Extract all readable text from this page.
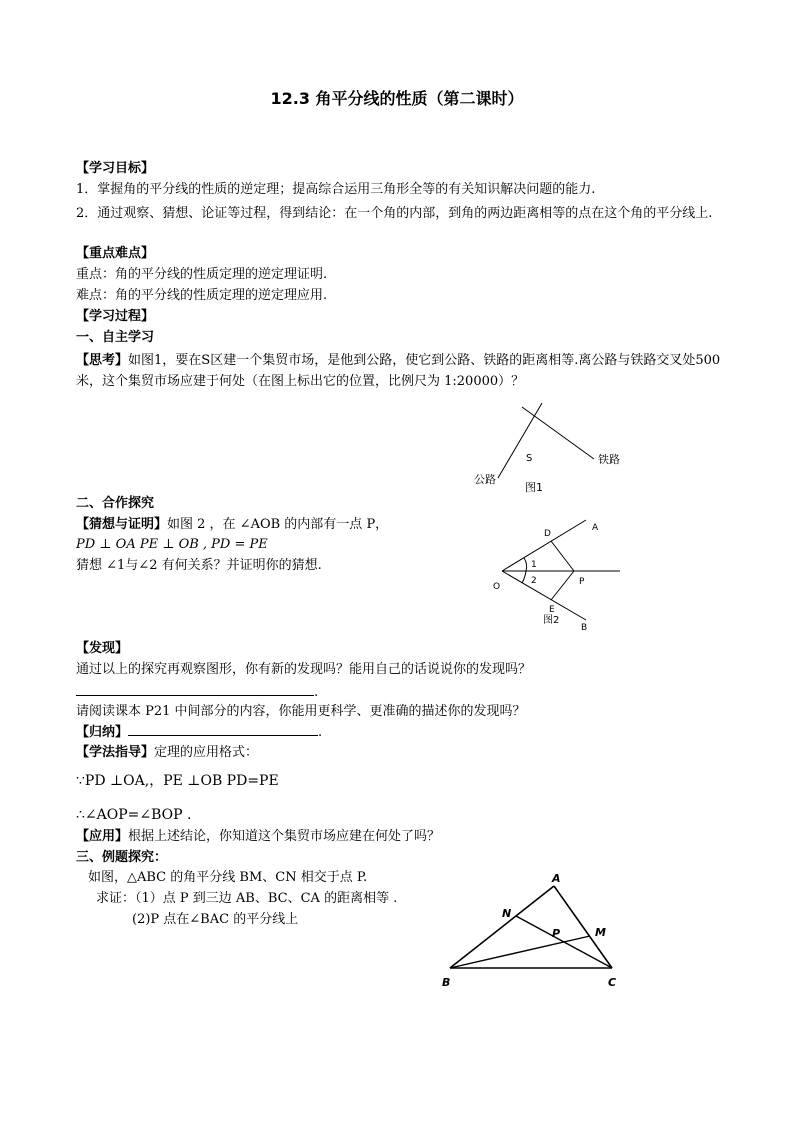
12.3 角平分线的性质（第二课时）
【学习目标】
1．掌握角的平分线的性质的逆定理；提高综合运用三角形全等的有关知识解决问题的能力.
2．通过观察、猜想、论证等过程，得到结论：在一个角的内部，到角的两边距离相等的点在这个角的平分线上.
【重点难点】
重点：角的平分线的性质定理的逆定理证明.
难点：角的平分线的性质定理的逆定理应用.
【学习过程】
一、自主学习
【思考】如图1，要在S区建一个集贸市场，是他到公路，使它到公路、铁路的距离相等.离公路与铁路交叉处500米，这个集贸市场应建于何处（在图上标出它的位置，比例尺为 1:20000）？
公路
S	铁路
图1
二、合作探究
【猜想与证明】如图 2 ，在 ∠AOB 的内部有一点 P，
PD ⊥ OA PE ⊥ OB , PD = PE
猜想 ∠1与∠2 有何关系？并证明你的猜想.
A
D
1
2
O	P
E
图2
B
【发现】
通过以上的探究再观察图形，你有新的发现吗？能用自己的话说说你的发现吗？
.
请阅读课本 P21 中间部分的内容，你能用更科学、更准确的描述你的发现吗？
【归纳】	.
【学法指导】定理的应用格式：
∵PD ⊥OA,，PE ⊥OB PD=PE
∴∠AOP=∠BOP .
【应用】根据上述结论，你知道这个集贸市场应建在何处了吗？
三、例题探究：
如图，△ABC 的角平分线 BM、CN 相交于点 P.
求证：（1）点 P 到三边 AB、BC、CA 的距离相等 .
(2)P 点在∠BAC 的平分线上
A
N
P	M
B	C
